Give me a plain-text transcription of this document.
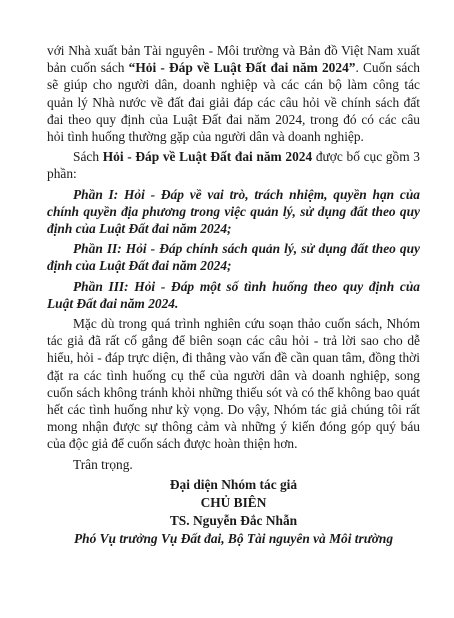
với Nhà xuất bản Tài nguyên - Môi trường và Bản đồ Việt Nam xuất bản cuốn sách “Hỏi - Đáp về Luật Đất đai năm 2024”. Cuốn sách sẽ giúp cho người dân, doanh nghiệp và các cán bộ làm công tác quản lý Nhà nước về đất đai giải đáp các câu hỏi về chính sách đất đai theo quy định của Luật Đất đai năm 2024, trong đó có các câu hỏi tình huống thường gặp của người dân và doanh nghiệp.

Sách Hỏi - Đáp về Luật Đất đai năm 2024 được bố cục gồm 3 phần:

Phần I: Hỏi - Đáp về vai trò, trách nhiệm, quyền hạn của chính quyền địa phương trong việc quản lý, sử dụng đất theo quy định của Luật Đất đai năm 2024;

Phần II: Hỏi - Đáp chính sách quản lý, sử dụng đất theo quy định của Luật Đất đai năm 2024;

Phần III: Hỏi - Đáp một số tình huống theo quy định của Luật Đất đai năm 2024.

Mặc dù trong quá trình nghiên cứu soạn thảo cuốn sách, Nhóm tác giả đã rất cố gắng để biên soạn các câu hỏi - trả lời sao cho dễ hiểu, hỏi - đáp trực diện, đi thẳng vào vấn đề cần quan tâm, đồng thời đặt ra các tình huống cụ thể của người dân và doanh nghiệp, song cuốn sách không tránh khỏi những thiếu sót và có thể không bao quát hết các tình huống như kỳ vọng. Do vậy, Nhóm tác giả chúng tôi rất mong nhận được sự thông cảm và những ý kiến đóng góp quý báu của độc giả để cuốn sách được hoàn thiện hơn.

Trân trọng.

Đại diện Nhóm tác giả
CHỦ BIÊN
TS. Nguyễn Đắc Nhẫn
Phó Vụ trưởng Vụ Đất đai, Bộ Tài nguyên và Môi trường
